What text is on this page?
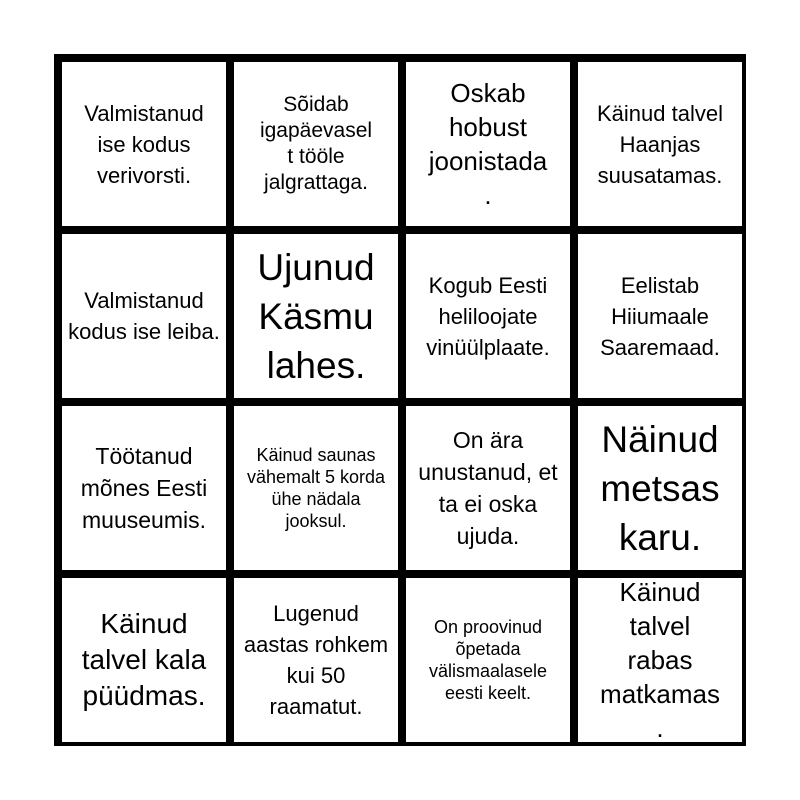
Valmistanud ise kodus verivorsti.
Sõidab igapäevaselt tööle jalgrattaga.
Oskab hobust joonistada.
Käinud talvel Haanjas suusatamas.
Valmistanud kodus ise leiba.
Ujunud Käsmu lahes.
Kogub Eesti heliloojate vinüülplaate.
Eelistab Hiiumaale Saaremaad.
Töötanud mõnes Eesti muuseumis.
Käinud saunas vähemalt 5 korda ühe nädala jooksul.
On ära unustanud, et ta ei oska ujuda.
Näinud metsas karu.
Käinud talvel kala püüdmas.
Lugenud aastas rohkem kui 50 raamatut.
On proovinud õpetada välismaalasele eesti keelt.
Käinud talvel rabas matkamas.
